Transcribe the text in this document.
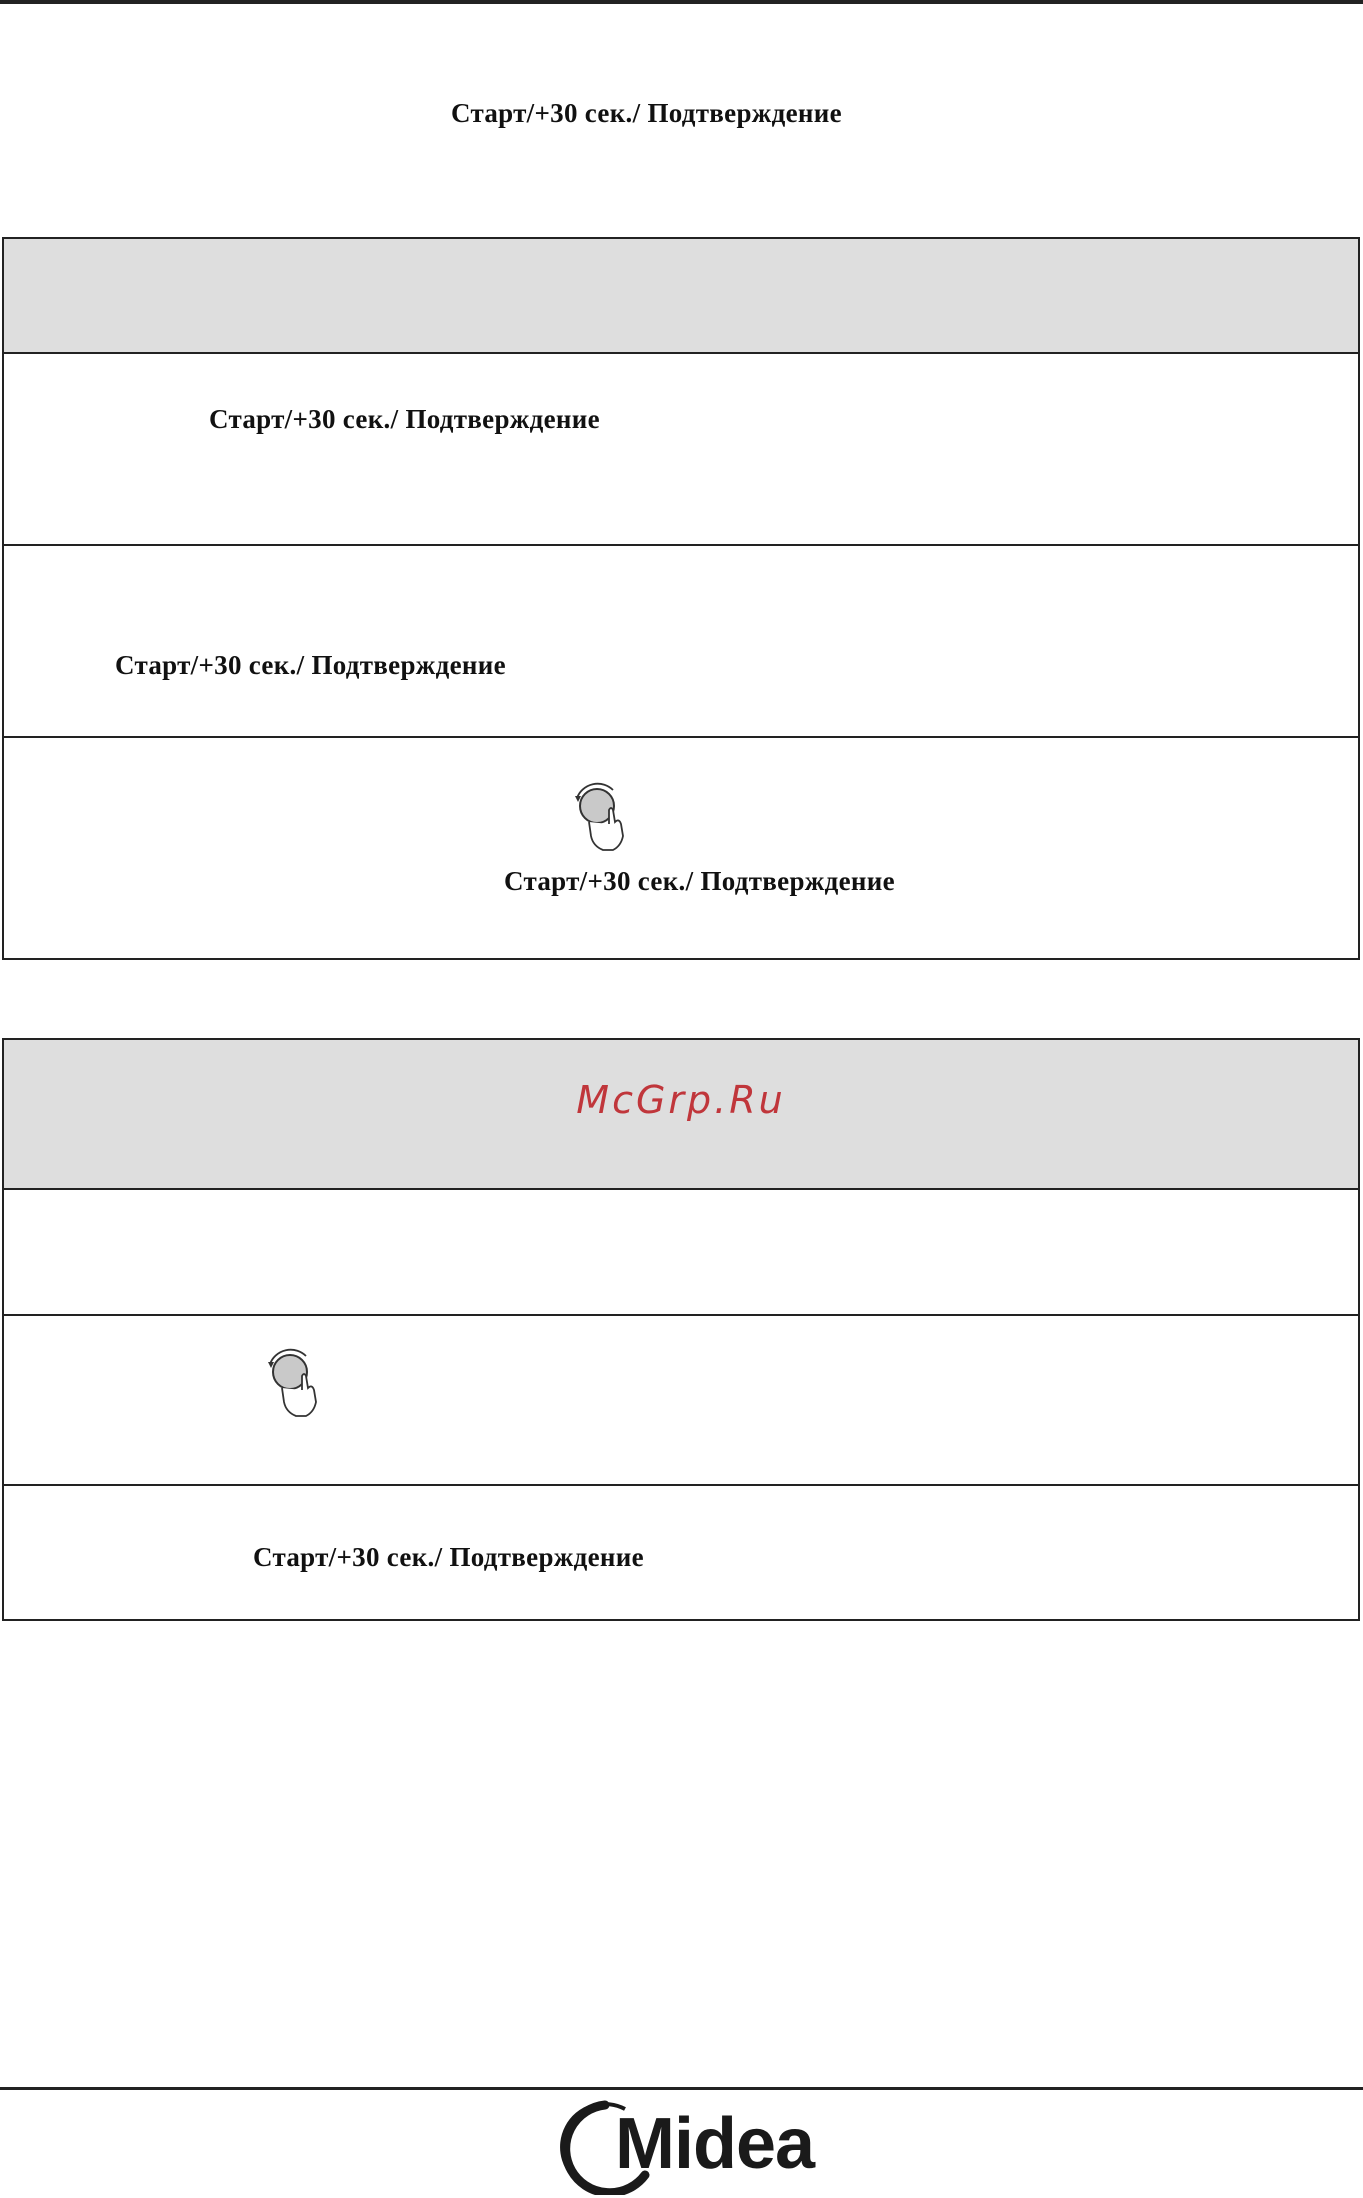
Старт/+30 сек./ Подтверждение
Старт/+30 сек./ Подтверждение
Старт/+30 сек./ Подтверждение
Старт/+30 сек./ Подтверждение
McGrp.Ru
Старт/+30 сек./ Подтверждение
Midea
